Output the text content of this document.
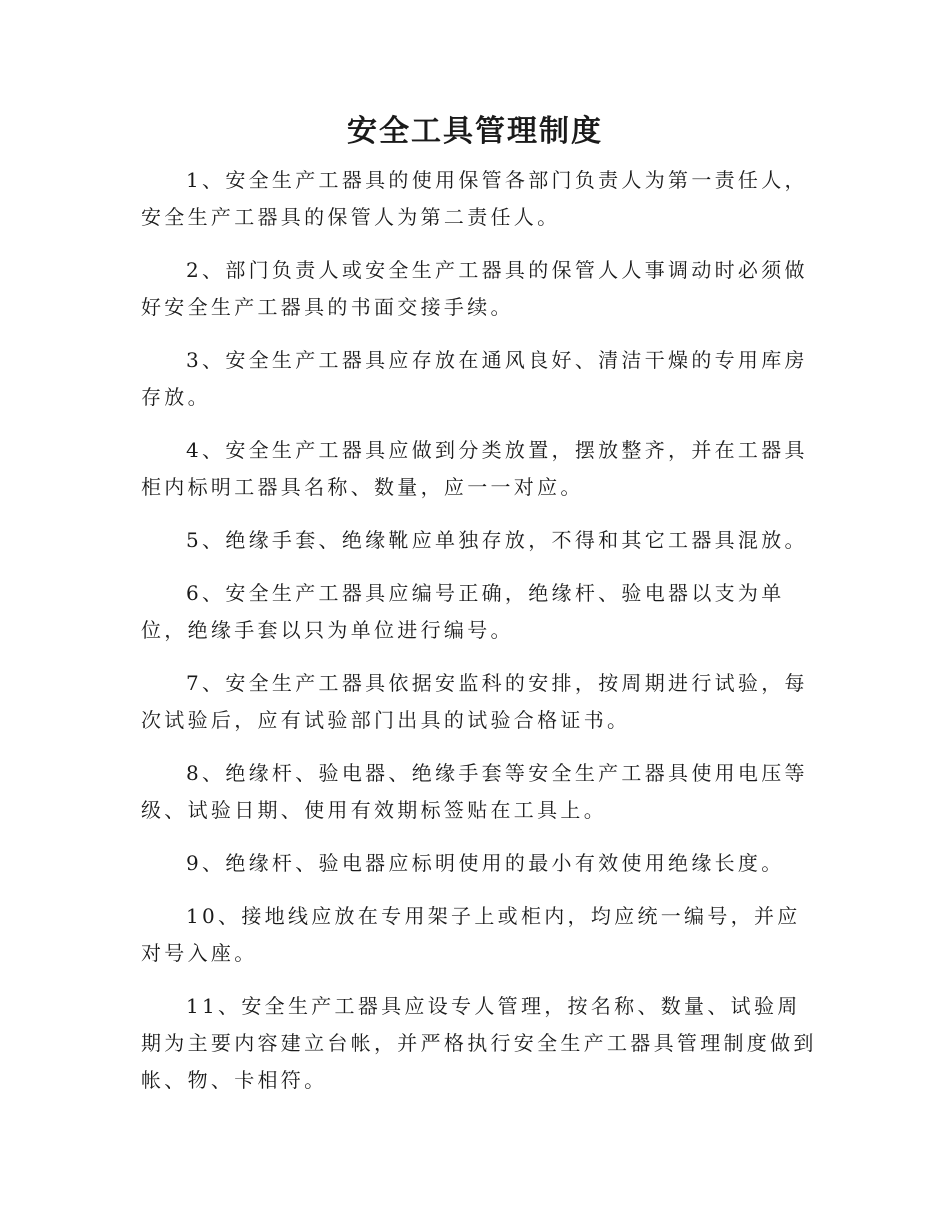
安全工具管理制度

1、安全生产工器具的使用保管各部门负责人为第一责任人，安全生产工器具的保管人为第二责任人。

2、部门负责人或安全生产工器具的保管人人事调动时必须做好安全生产工器具的书面交接手续。

3、安全生产工器具应存放在通风良好、清洁干燥的专用库房存放。

4、安全生产工器具应做到分类放置，摆放整齐，并在工器具柜内标明工器具名称、数量，应一一对应。

5、绝缘手套、绝缘靴应单独存放，不得和其它工器具混放。

6、安全生产工器具应编号正确，绝缘杆、验电器以支为单位，绝缘手套以只为单位进行编号。

7、安全生产工器具依据安监科的安排，按周期进行试验，每次试验后，应有试验部门出具的试验合格证书。

8、绝缘杆、验电器、绝缘手套等安全生产工器具使用电压等级、试验日期、使用有效期标签贴在工具上。

9、绝缘杆、验电器应标明使用的最小有效使用绝缘长度。

10、接地线应放在专用架子上或柜内，均应统一编号，并应对号入座。

11、安全生产工器具应设专人管理，按名称、数量、试验周期为主要内容建立台帐，并严格执行安全生产工器具管理制度做到帐、物、卡相符。
